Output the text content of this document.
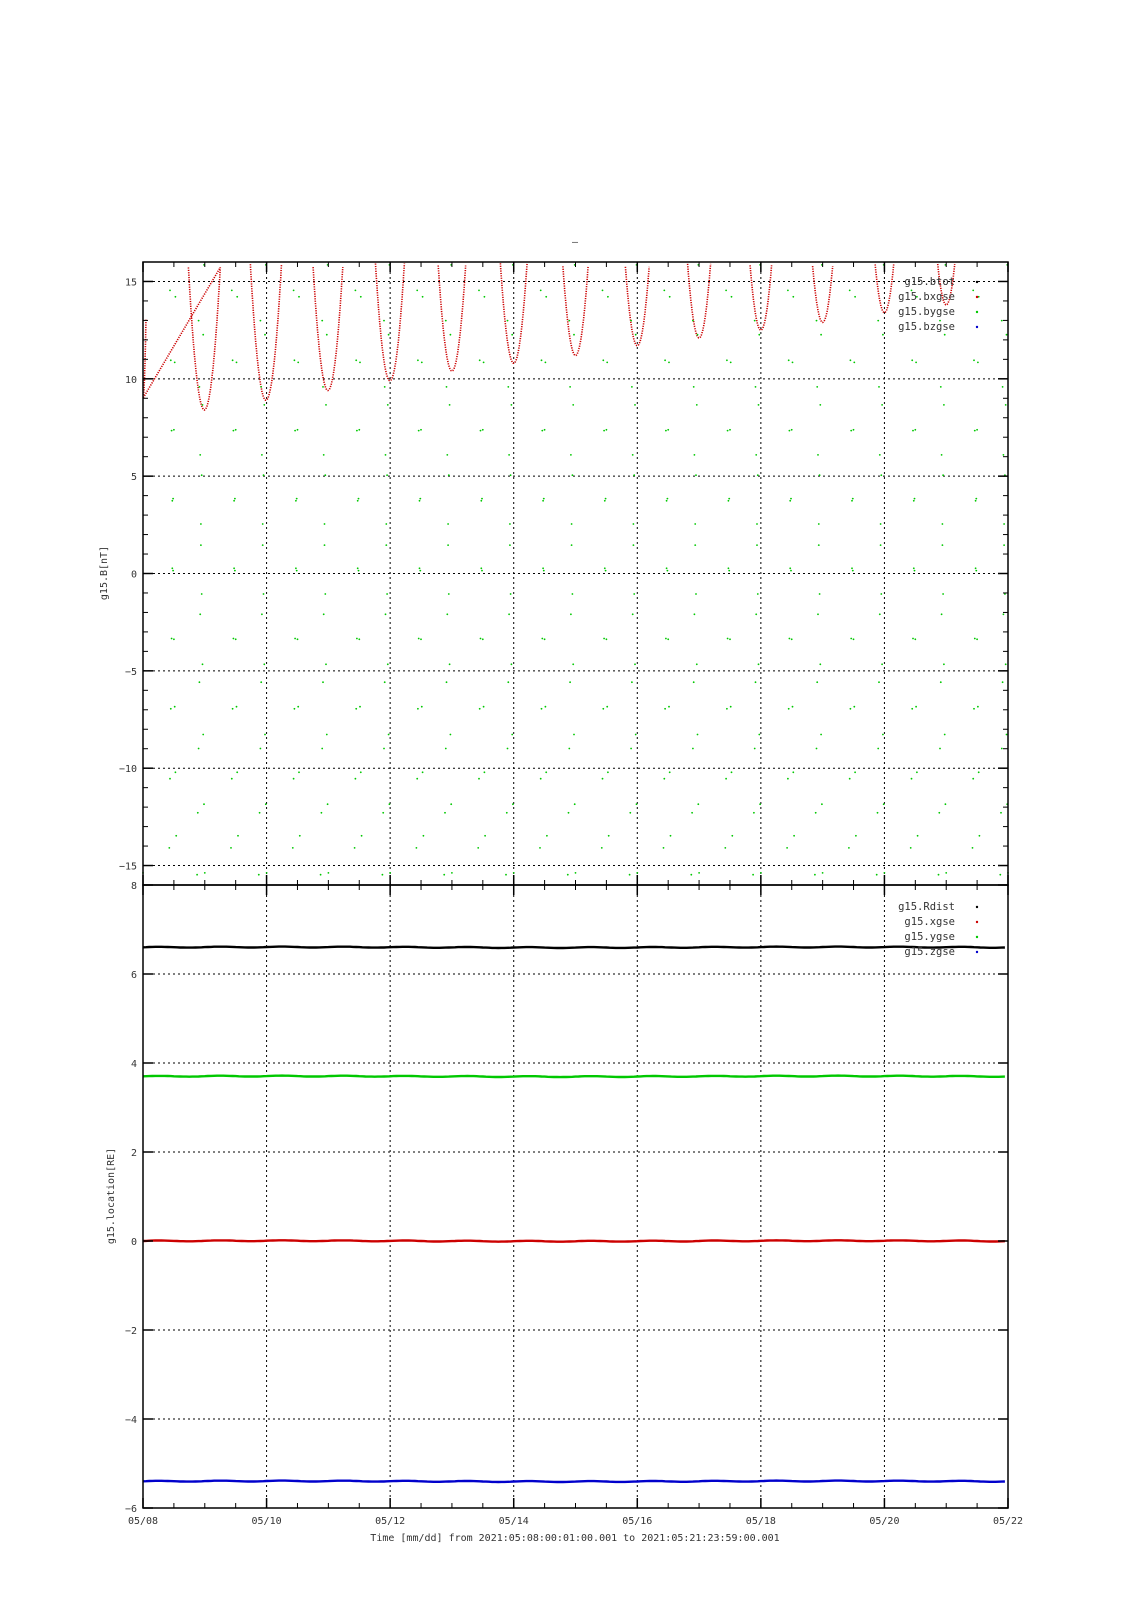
–
15
10
5
0
−5
−10
−15
g15.B[nT]
g15.btot
g15.bxgse
g15.bygse
g15.bzgse
8
6
4
2
0
−2
−4
−6
g15.location[RE]
g15.Rdist
g15.xgse
g15.ygse
g15.zgse
05/08	05/10	05/12	05/14	05/16	05/18	05/20	05/22
Time [mm/dd] from 2021:05:08:00:01:00.001 to 2021:05:21:23:59:00.001
